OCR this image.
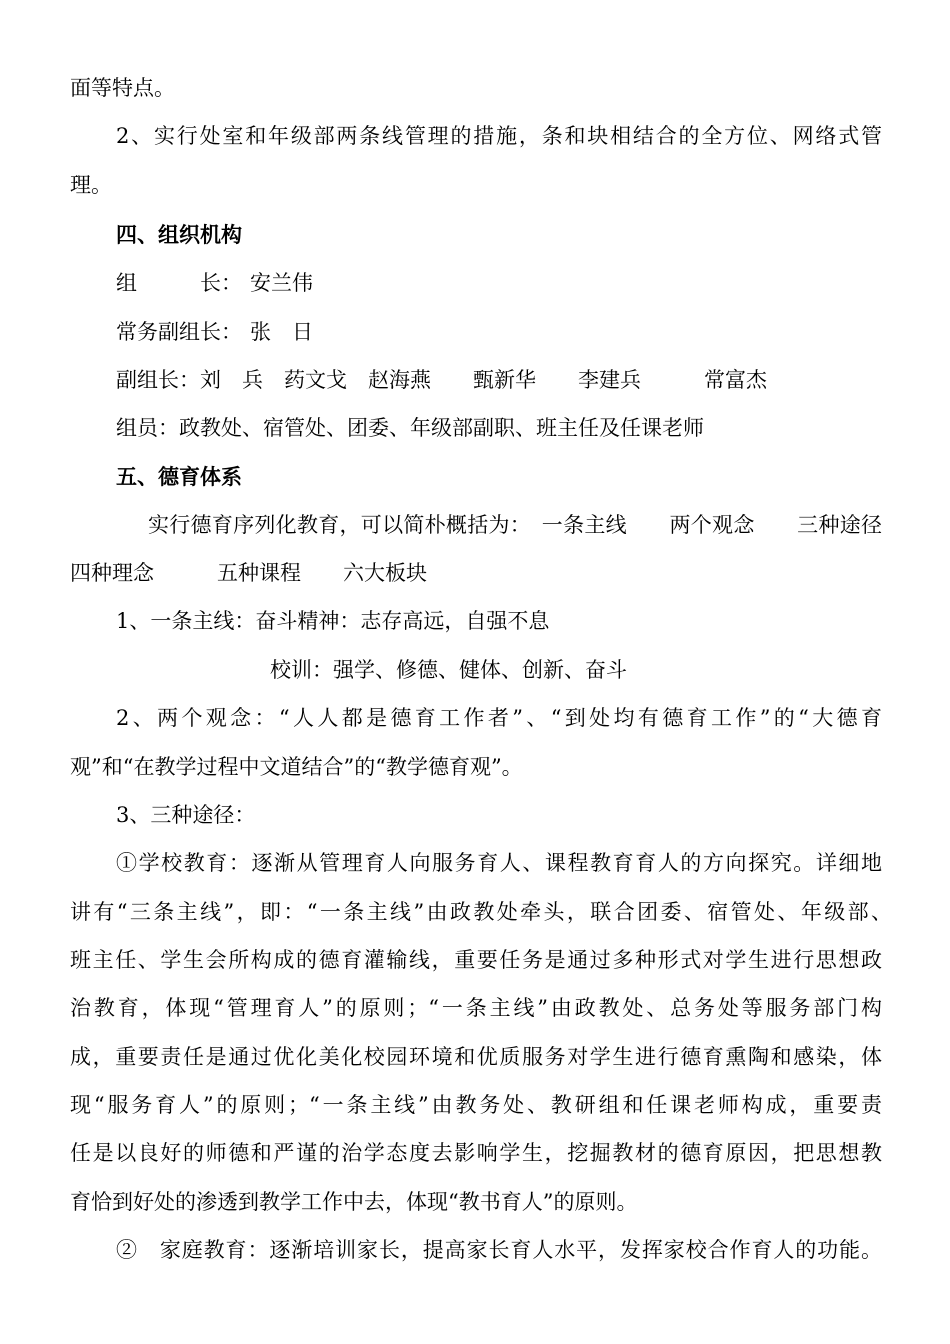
面等特点。
2、实行处室和年级部两条线管理的措施，条和块相结合的全方位、网络式管
理。
四、组织机构
组　　　长： 安兰伟
常务副组长： 张　日
副组长：刘　兵　药文戈　赵海燕　　甄新华　　李建兵　　　常富杰
组员：政教处、宿管处、团委、年级部副职、班主任及任课老师
五、德育体系
实行德育序列化教育，可以简朴概括为：　一条主线　　两个观念　　三种途径
四种理念　　　五种课程　　六大板块
1、一条主线：奋斗精神：志存高远，自强不息
校训：强学、修德、健体、创新、奋斗
2、两个观念：“人人都是德育工作者”、“到处均有德育工作”的“大德育
观”和“在教学过程中文道结合”的“教学德育观”。
3、三种途径：
①学校教育：逐渐从管理育人向服务育人、课程教育育人的方向探究。详细地
讲有“三条主线”，即：“一条主线”由政教处牵头，联合团委、宿管处、年级部、
班主任、学生会所构成的德育灌输线，重要任务是通过多种形式对学生进行思想政
治教育，体现“管理育人”的原则；“一条主线”由政教处、总务处等服务部门构
成，重要责任是通过优化美化校园环境和优质服务对学生进行德育熏陶和感染，体
现“服务育人”的原则；“一条主线”由教务处、教研组和任课老师构成，重要责
任是以良好的师德和严谨的治学态度去影响学生，挖掘教材的德育原因，把思想教
育恰到好处的渗透到教学工作中去，体现“教书育人”的原则。
②　家庭教育：逐渐培训家长，提高家长育人水平，发挥家校合作育人的功能。
